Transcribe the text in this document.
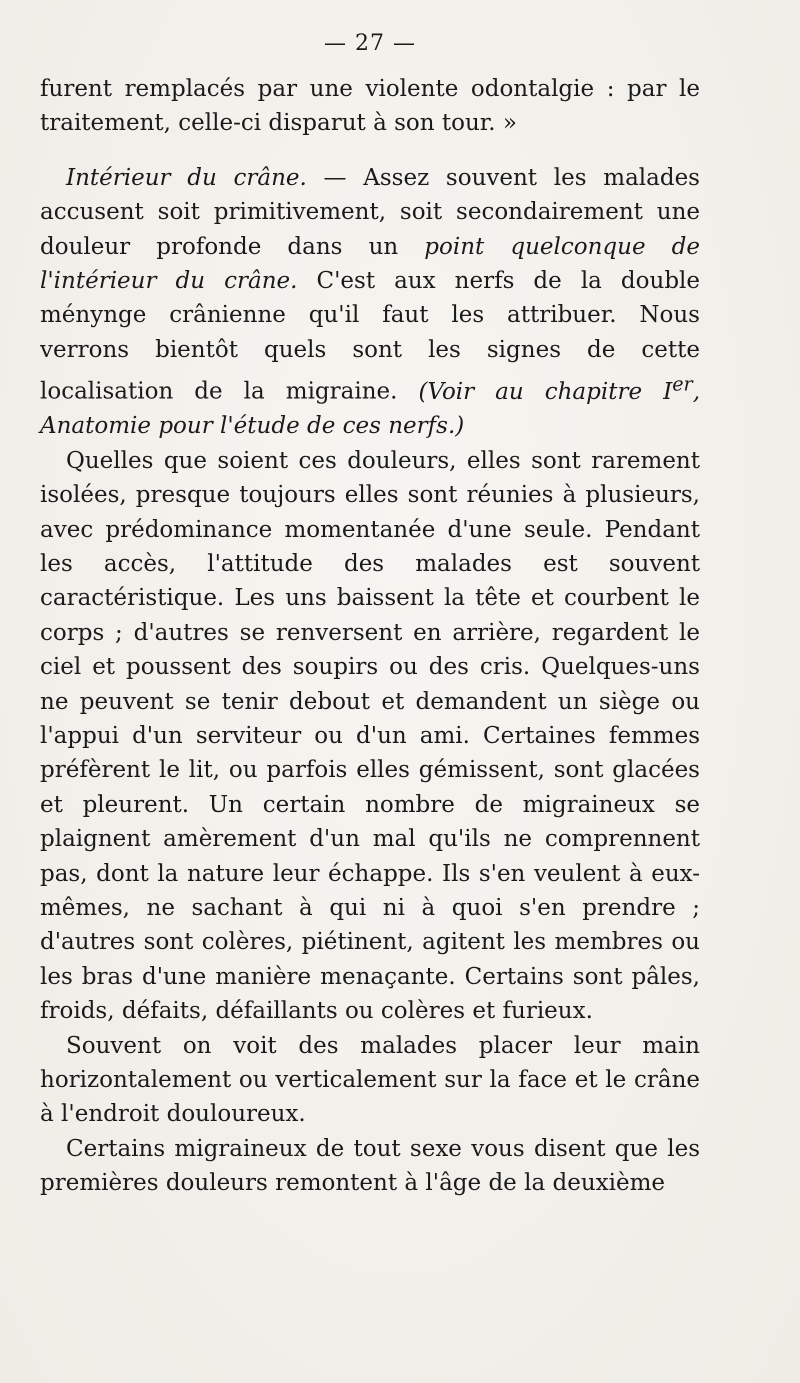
— 27 —

furent remplacés par une violente odontalgie : par le traitement, celle-ci disparut à son tour. »

Intérieur du crâne. — Assez souvent les malades accusent soit primitivement, soit secondairement une douleur profonde dans un point quelconque de l'intérieur du crâne. C'est aux nerfs de la double ménynge crânienne qu'il faut les attribuer. Nous verrons bientôt quels sont les signes de cette localisation de la migraine. (Voir au chapitre Ier, Anatomie pour l'étude de ces nerfs.)

Quelles que soient ces douleurs, elles sont rarement isolées, presque toujours elles sont réunies à plusieurs, avec prédominance momentanée d'une seule. Pendant les accès, l'attitude des malades est souvent caractéristique. Les uns baissent la tête et courbent le corps ; d'autres se renversent en arrière, regardent le ciel et poussent des soupirs ou des cris. Quelques-uns ne peuvent se tenir debout et demandent un siège ou l'appui d'un serviteur ou d'un ami. Certaines femmes préfèrent le lit, ou parfois elles gémissent, sont glacées et pleurent. Un certain nombre de migraineux se plaignent amèrement d'un mal qu'ils ne comprennent pas, dont la nature leur échappe. Ils s'en veulent à eux-mêmes, ne sachant à qui ni à quoi s'en prendre ; d'autres sont colères, piétinent, agitent les membres ou les bras d'une manière menaçante. Certains sont pâles, froids, défaits, défaillants ou colères et furieux.

Souvent on voit des malades placer leur main horizontalement ou verticalement sur la face et le crâne à l'endroit douloureux.

Certains migraineux de tout sexe vous disent que les premières douleurs remontent à l'âge de la deuxième
